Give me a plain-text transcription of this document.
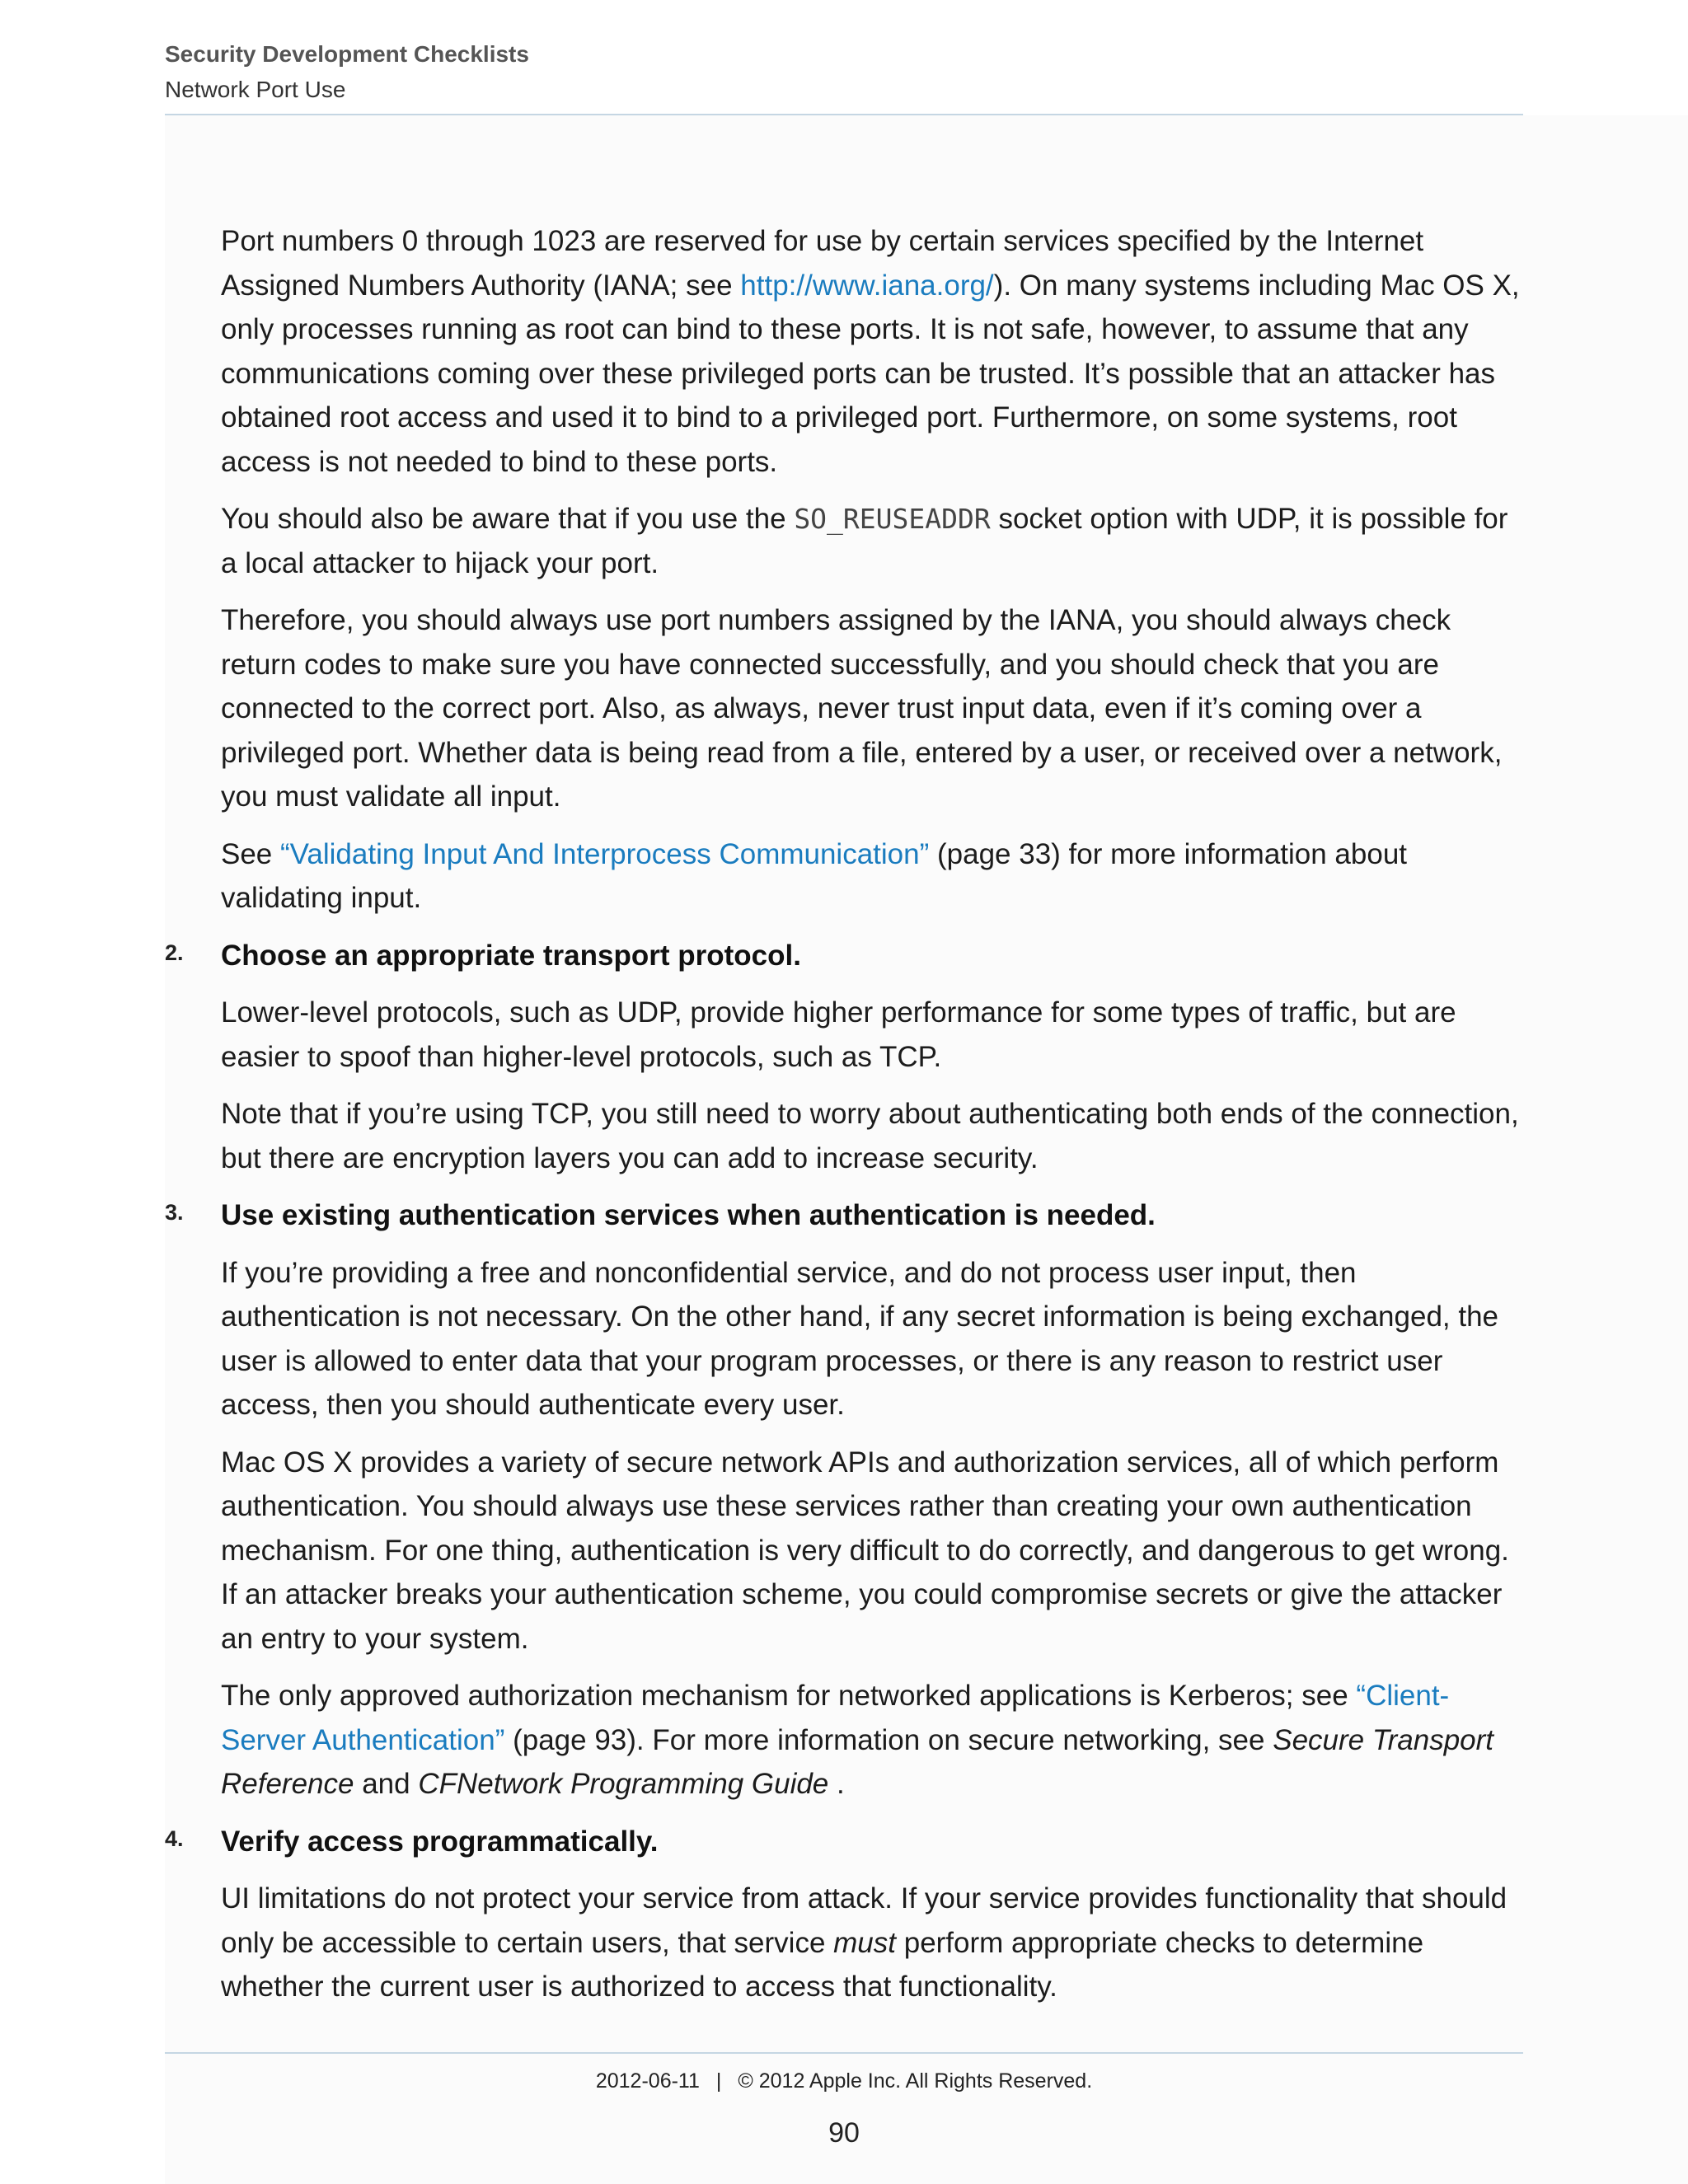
Security Development Checklists
Network Port Use

Port numbers 0 through 1023 are reserved for use by certain services specified by the Internet Assigned Numbers Authority (IANA; see http://www.iana.org/). On many systems including Mac OS X, only processes running as root can bind to these ports. It is not safe, however, to assume that any communications coming over these privileged ports can be trusted. It’s possible that an attacker has obtained root access and used it to bind to a privileged port. Furthermore, on some systems, root access is not needed to bind to these ports.

You should also be aware that if you use the SO_REUSEADDR socket option with UDP, it is possible for a local attacker to hijack your port.

Therefore, you should always use port numbers assigned by the IANA, you should always check return codes to make sure you have connected successfully, and you should check that you are connected to the correct port. Also, as always, never trust input data, even if it’s coming over a privileged port. Whether data is being read from a file, entered by a user, or received over a network, you must validate all input.

See “Validating Input And Interprocess Communication” (page 33) for more information about validating input.

2. Choose an appropriate transport protocol.

Lower-level protocols, such as UDP, provide higher performance for some types of traffic, but are easier to spoof than higher-level protocols, such as TCP.

Note that if you’re using TCP, you still need to worry about authenticating both ends of the connection, but there are encryption layers you can add to increase security.

3. Use existing authentication services when authentication is needed.

If you’re providing a free and nonconfidential service, and do not process user input, then authentication is not necessary. On the other hand, if any secret information is being exchanged, the user is allowed to enter data that your program processes, or there is any reason to restrict user access, then you should authenticate every user.

Mac OS X provides a variety of secure network APIs and authorization services, all of which perform authentication. You should always use these services rather than creating your own authentication mechanism. For one thing, authentication is very difficult to do correctly, and dangerous to get wrong. If an attacker breaks your authentication scheme, you could compromise secrets or give the attacker an entry to your system.

The only approved authorization mechanism for networked applications is Kerberos; see “Client-Server Authentication” (page 93). For more information on secure networking, see Secure Transport Reference and CFNetwork Programming Guide .

4. Verify access programmatically.

UI limitations do not protect your service from attack. If your service provides functionality that should only be accessible to certain users, that service must perform appropriate checks to determine whether the current user is authorized to access that functionality.

2012-06-11 | © 2012 Apple Inc. All Rights Reserved.
90
